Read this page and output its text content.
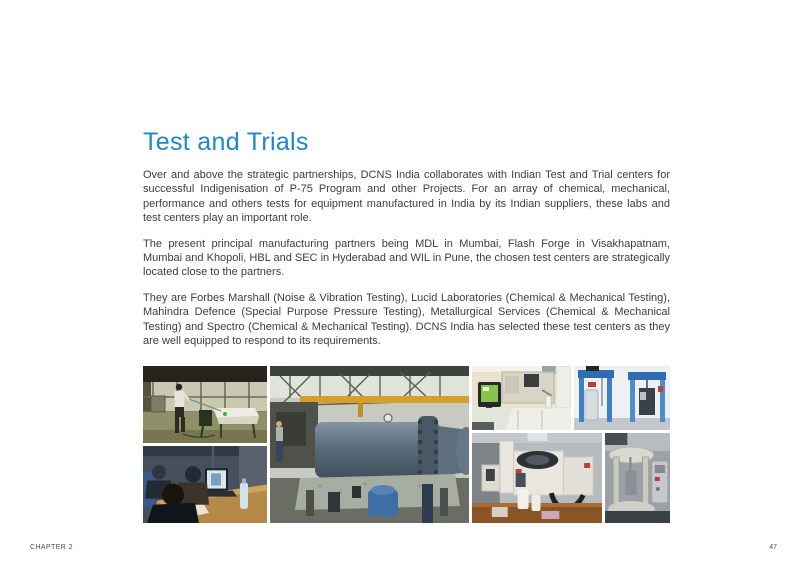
Test and Trials

Over and above the strategic partnerships, DCNS India collaborates with Indian Test and Trial centers for successful Indigenisation of P-75 Program and other Projects. For an array of chemical, mechanical, performance and others tests for equipment manufactured in India by its Indian suppliers, these labs and test centers play an important role.

The present principal manufacturing partners being MDL in Mumbai, Flash Forge in Visakhapatnam, Mumbai and Khopoli, HBL and SEC in Hyderabad and WIL in Pune, the chosen test centers are strategically located close to the partners.

They are Forbes Marshall (Noise & Vibration Testing), Lucid Laboratories (Chemical & Mechanical Testing), Mahindra Defence (Special Purpose Pressure Testing), Metallurgical Services (Chemical & Mechanical Testing) and Spectro (Chemical & Mechanical Testing). DCNS India has selected these test centers as they are well equipped to respond to its requirements.

CHAPTER 2	47
